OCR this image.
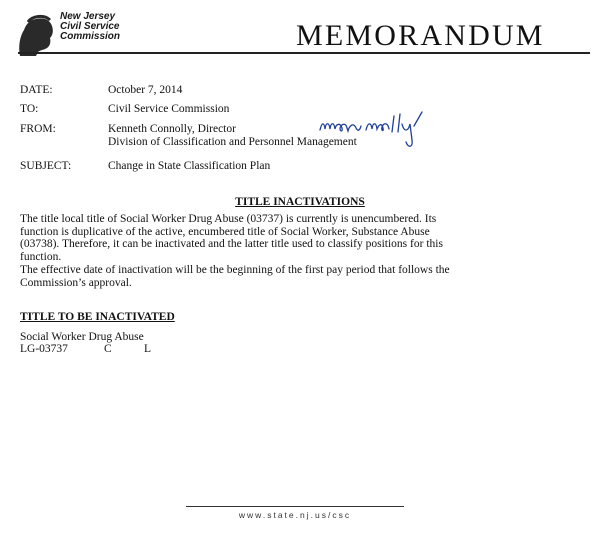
New Jersey
Civil Service
Commission	MEMORANDUM
DATE:	October 7, 2014
TO:	Civil Service Commission
FROM:	Kenneth Connolly, Director
Division of Classification and Personnel Management
SUBJECT:	Change in State Classification Plan
TITLE INACTIVATIONS
The title local title of Social Worker Drug Abuse (03737) is currently is unencumbered. Its
function is duplicative of the active, encumbered title of Social Worker, Substance Abuse
(03738). Therefore, it can be inactivated and the latter title used to classify positions for this
function.
The effective date of inactivation will be the beginning of the first pay period that follows the
Commission’s approval.
TITLE TO BE INACTIVATED
Social Worker Drug Abuse
LG-03737	C	L
www.state.nj.us/csc
